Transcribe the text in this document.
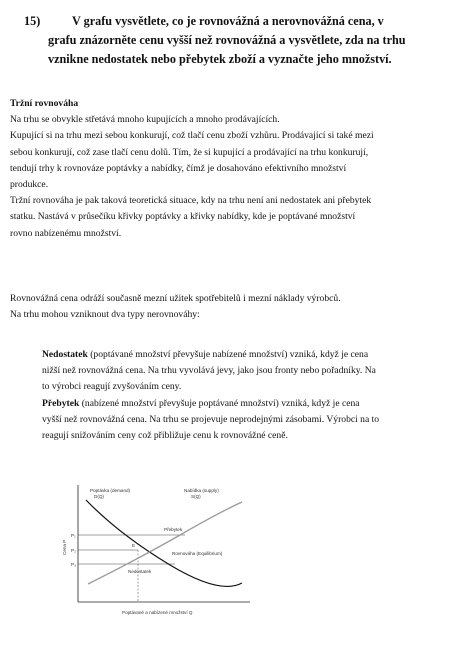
15)	V grafu vysvětlete, co je rovnovážná a nerovnovážná cena, v
grafu znázorněte cenu vyšší než rovnovážná a vysvětlete, zda na trhu
vznikne nedostatek nebo přebytek zboží a vyznačte jeho množství.

Tržní rovnováha

Na trhu se obvykle střetává mnoho kupujících a mnoho prodávajících.

Kupující si na trhu mezi sebou konkurují, což tlačí cenu zboží vzhůru. Prodávající si také mezi

sebou konkurují, což zase tlačí cenu dolů. Tím, že si kupující a prodávající na trhu konkurují,

tendují trhy k rovnováze poptávky a nabídky, čímž je dosahováno efektivního množství

produkce.

Tržní rovnováha je pak taková teoretická situace, kdy na trhu není ani nedostatek ani přebytek

statku. Nastává v průsečíku křivky poptávky a křivky nabídky, kde je poptávané množství

rovno nabízenému množství.

Rovnovážná cena odráží současně mezní užitek spotřebitelů i mezní náklady výrobců.

Na trhu mohou vzniknout dva typy nerovnováhy:

Nedostatek (poptávané množství převyšuje nabízené množství) vzniká, když je cena

nižší než rovnovážná cena. Na trhu vyvolává jevy, jako jsou fronty nebo pořadníky. Na

to výrobci reagují zvyšováním ceny.

Přebytek (nabízené množství převyšuje poptávané množství) vzniká, když je cena

vyšší než rovnovážná cena. Na trhu se projevuje neprodejnými zásobami. Výrobci na to

reagují snižováním ceny což přibližuje cenu k rovnovážné ceně.

Poptávka (demand)
D(Q)
Nabídka (supply)
S(Q)
Cena P
P₁
P₂
P₃
Přebytek
E
Rovnováha (Equilibrium)
Nedostatek
Poptávané a nabízené množství Q
